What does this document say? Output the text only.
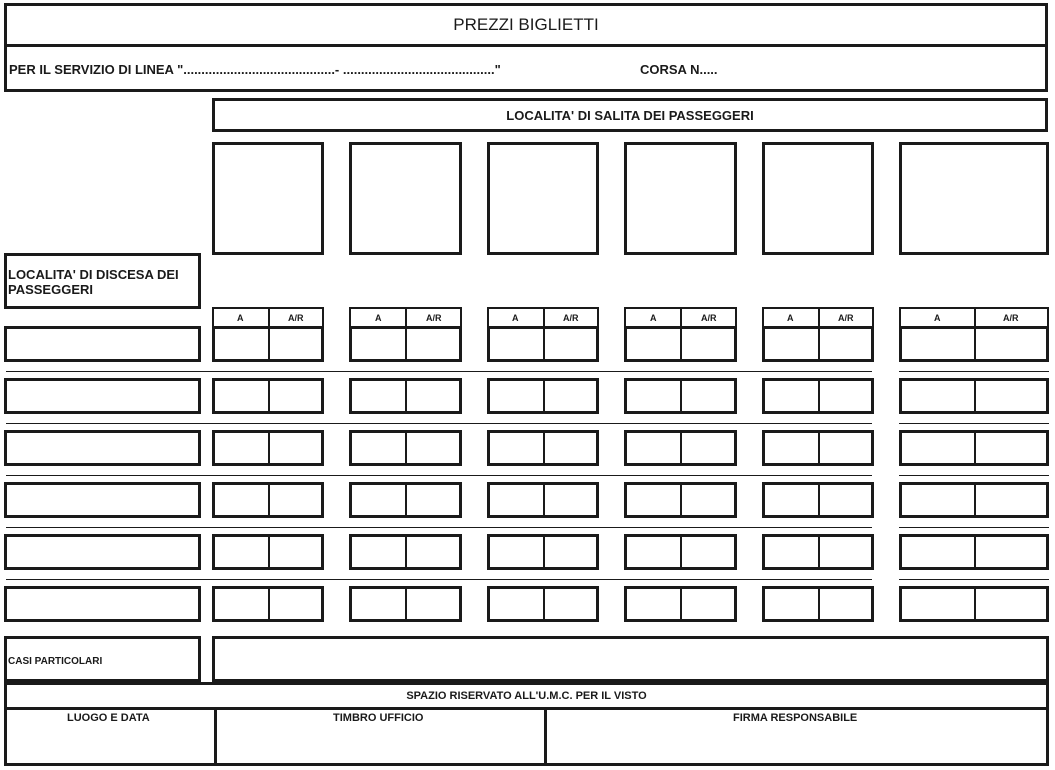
PREZZI BIGLIETTI
PER IL SERVIZIO DI LINEA "..........................................- .........................................."	CORSA N.....
LOCALITA' DI SALITA DEI PASSEGGERI
LOCALITA' DI DISCESA DEI PASSEGGERI
A	A/R	A	A/R	A	A/R	A	A/R	A	A/R	A	A/R
CASI PARTICOLARI
SPAZIO RISERVATO ALL'U.M.C. PER IL VISTO
LUOGO E DATA	TIMBRO UFFICIO	FIRMA RESPONSABILE
